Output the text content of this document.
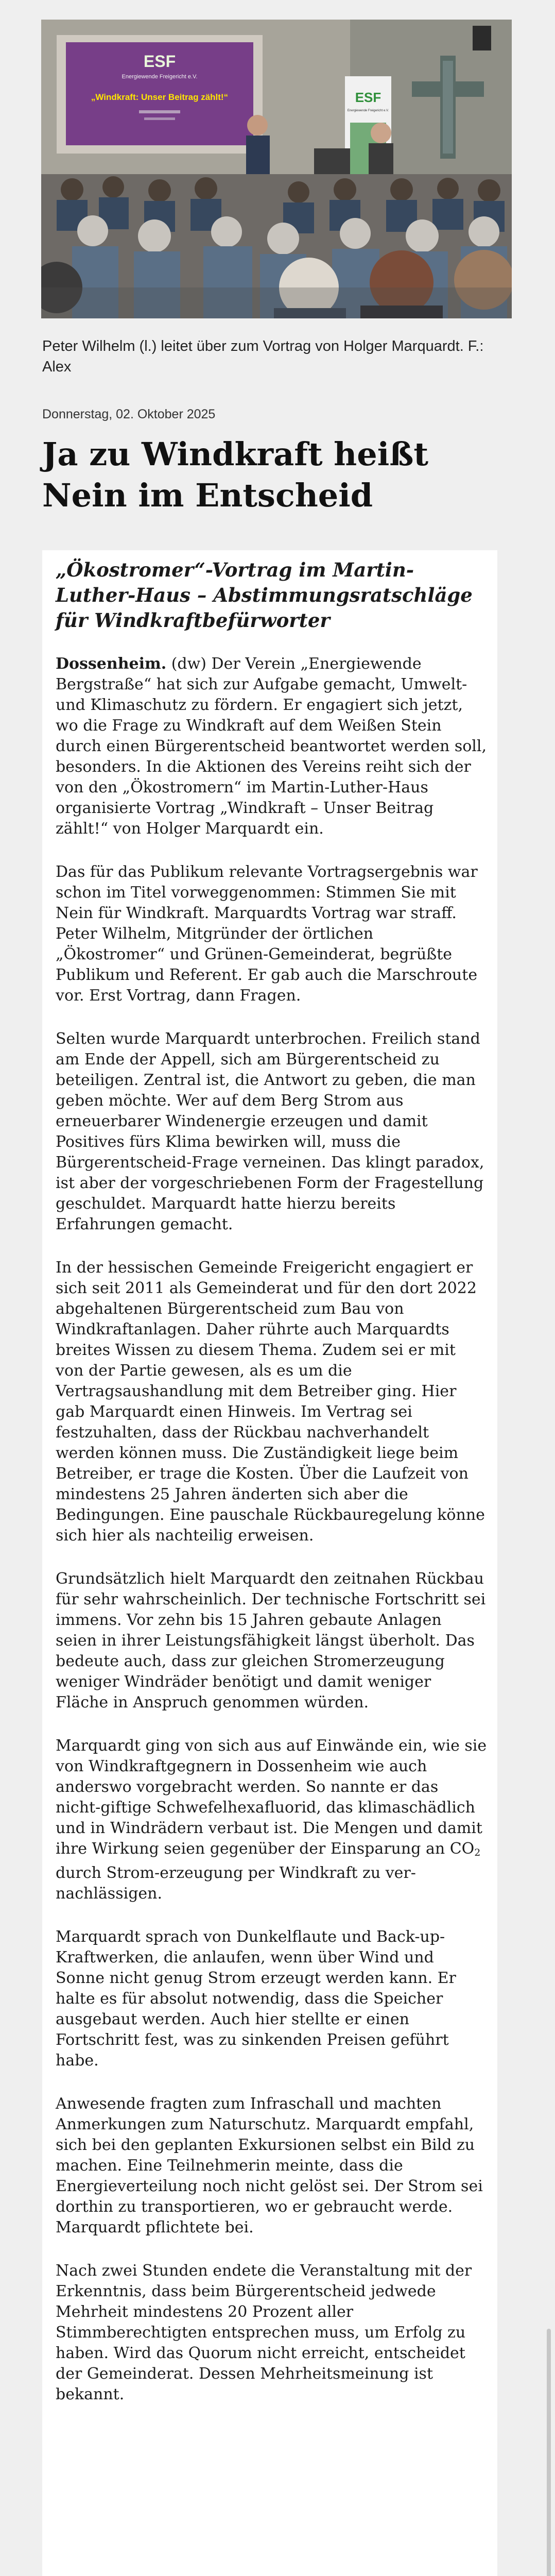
ESF
Energiewende Freigericht e.V.
„Windkraft: Unser Beitrag zählt!“	ESF
Energiewende Freigericht e.V.
Peter Wilhelm (l.) leitet über zum Vortrag von Holger Marquardt. F.: Alex
Donnerstag, 02. Oktober 2025
Ja zu Windkraft heißt Nein im Entscheid
„Ökostromer“-Vortrag im Martin-Luther-Haus – Abstimmungsratschläge für Windkraftbefürworter

Dossenheim. (dw) Der Verein „Energiewende Bergstraße“ hat sich zur Aufgabe gemacht, Umwelt- und Klimaschutz zu fördern. Er engagiert sich jetzt, wo die Frage zu Windkraft auf dem Weißen Stein durch einen Bürgerentscheid beantwortet werden soll, besonders. In die Aktionen des Vereins reiht sich der von den „Ökostromern“ im Martin-Luther-Haus organisierte Vortrag „Windkraft – Unser Beitrag zählt!“ von Holger Marquardt ein.

Das für das Publikum relevante Vortragsergebnis war schon im Titel vorweggenommen: Stimmen Sie mit Nein für Windkraft. Marquardts Vortrag war straff. Peter Wilhelm, Mitgründer der örtlichen „Ökostromer“ und Grünen-Gemeinderat, begrüßte Publikum und Referent. Er gab auch die Marschroute vor. Erst Vortrag, dann Fragen.

Selten wurde Marquardt unterbrochen. Freilich stand am Ende der Appell, sich am Bürgerentscheid zu beteiligen. Zentral ist, die Antwort zu geben, die man geben möchte. Wer auf dem Berg Strom aus erneuerbarer Windenergie erzeugen und damit Positives fürs Klima bewirken will, muss die Bürgerentscheid-Frage verneinen. Das klingt paradox, ist aber der vorgeschriebenen Form der Fragestellung geschuldet. Marquardt hatte hierzu bereits Erfahrungen gemacht.

In der hessischen Gemeinde Freigericht engagiert er sich seit 2011 als Gemeinderat und für den dort 2022 abgehaltenen Bürgerentscheid zum Bau von Windkraftanlagen. Daher rührte auch Marquardts breites Wissen zu diesem Thema. Zudem sei er mit von der Partie gewesen, als es um die Vertragsaushandlung mit dem Betreiber ging. Hier gab Marquardt einen Hinweis. Im Vertrag sei festzuhalten, dass der Rückbau nachverhandelt werden können muss. Die Zuständigkeit liege beim Betreiber, er trage die Kosten. Über die Laufzeit von mindestens 25 Jahren änderten sich aber die Bedingungen. Eine pauschale Rückbauregelung könne sich hier als nachteilig erweisen.

Grundsätzlich hielt Marquardt den zeitnahen Rückbau für sehr wahrscheinlich. Der technische Fortschritt sei immens. Vor zehn bis 15 Jahren gebaute Anlagen seien in ihrer Leistungsfähigkeit längst überholt. Das bedeute auch, dass zur gleichen Stromerzeugung weniger Windräder benötigt und damit weniger Fläche in Anspruch genommen würden.

Marquardt ging von sich aus auf Einwände ein, wie sie von Windkraftgegnern in Dossenheim wie auch anderswo vorgebracht werden. So nannte er das nicht-giftige Schwefelhexafluorid, das klimaschädlich und in Windrädern verbaut ist. Die Mengen und damit ihre Wirkung seien gegenüber der Einsparung an $CO_2$ durch Strom-erzeugung per Windkraft zu ver-nachlässigen.

Marquardt sprach von Dunkelflaute und Back-up-Kraftwerken, die anlaufen, wenn über Wind und Sonne nicht genug Strom erzeugt werden kann. Er halte es für absolut notwendig, dass die Speicher ausgebaut werden. Auch hier stellte er einen Fortschritt fest, was zu sinkenden Preisen geführt habe.

Anwesende fragten zum Infraschall und machten Anmerkungen zum Naturschutz. Marquardt empfahl, sich bei den geplanten Exkursionen selbst ein Bild zu machen. Eine Teilnehmerin meinte, dass die Energieverteilung noch nicht gelöst sei. Der Strom sei dorthin zu transportieren, wo er gebraucht werde. Marquardt pflichtete bei.

Nach zwei Stunden endete die Veranstaltung mit der Erkenntnis, dass beim Bürgerentscheid jedwede Mehrheit mindestens 20 Prozent aller Stimmberechtigten entsprechen muss, um Erfolg zu haben. Wird das Quorum nicht erreicht, entscheidet der Gemeinderat. Dessen Mehrheitsmeinung ist bekannt.
